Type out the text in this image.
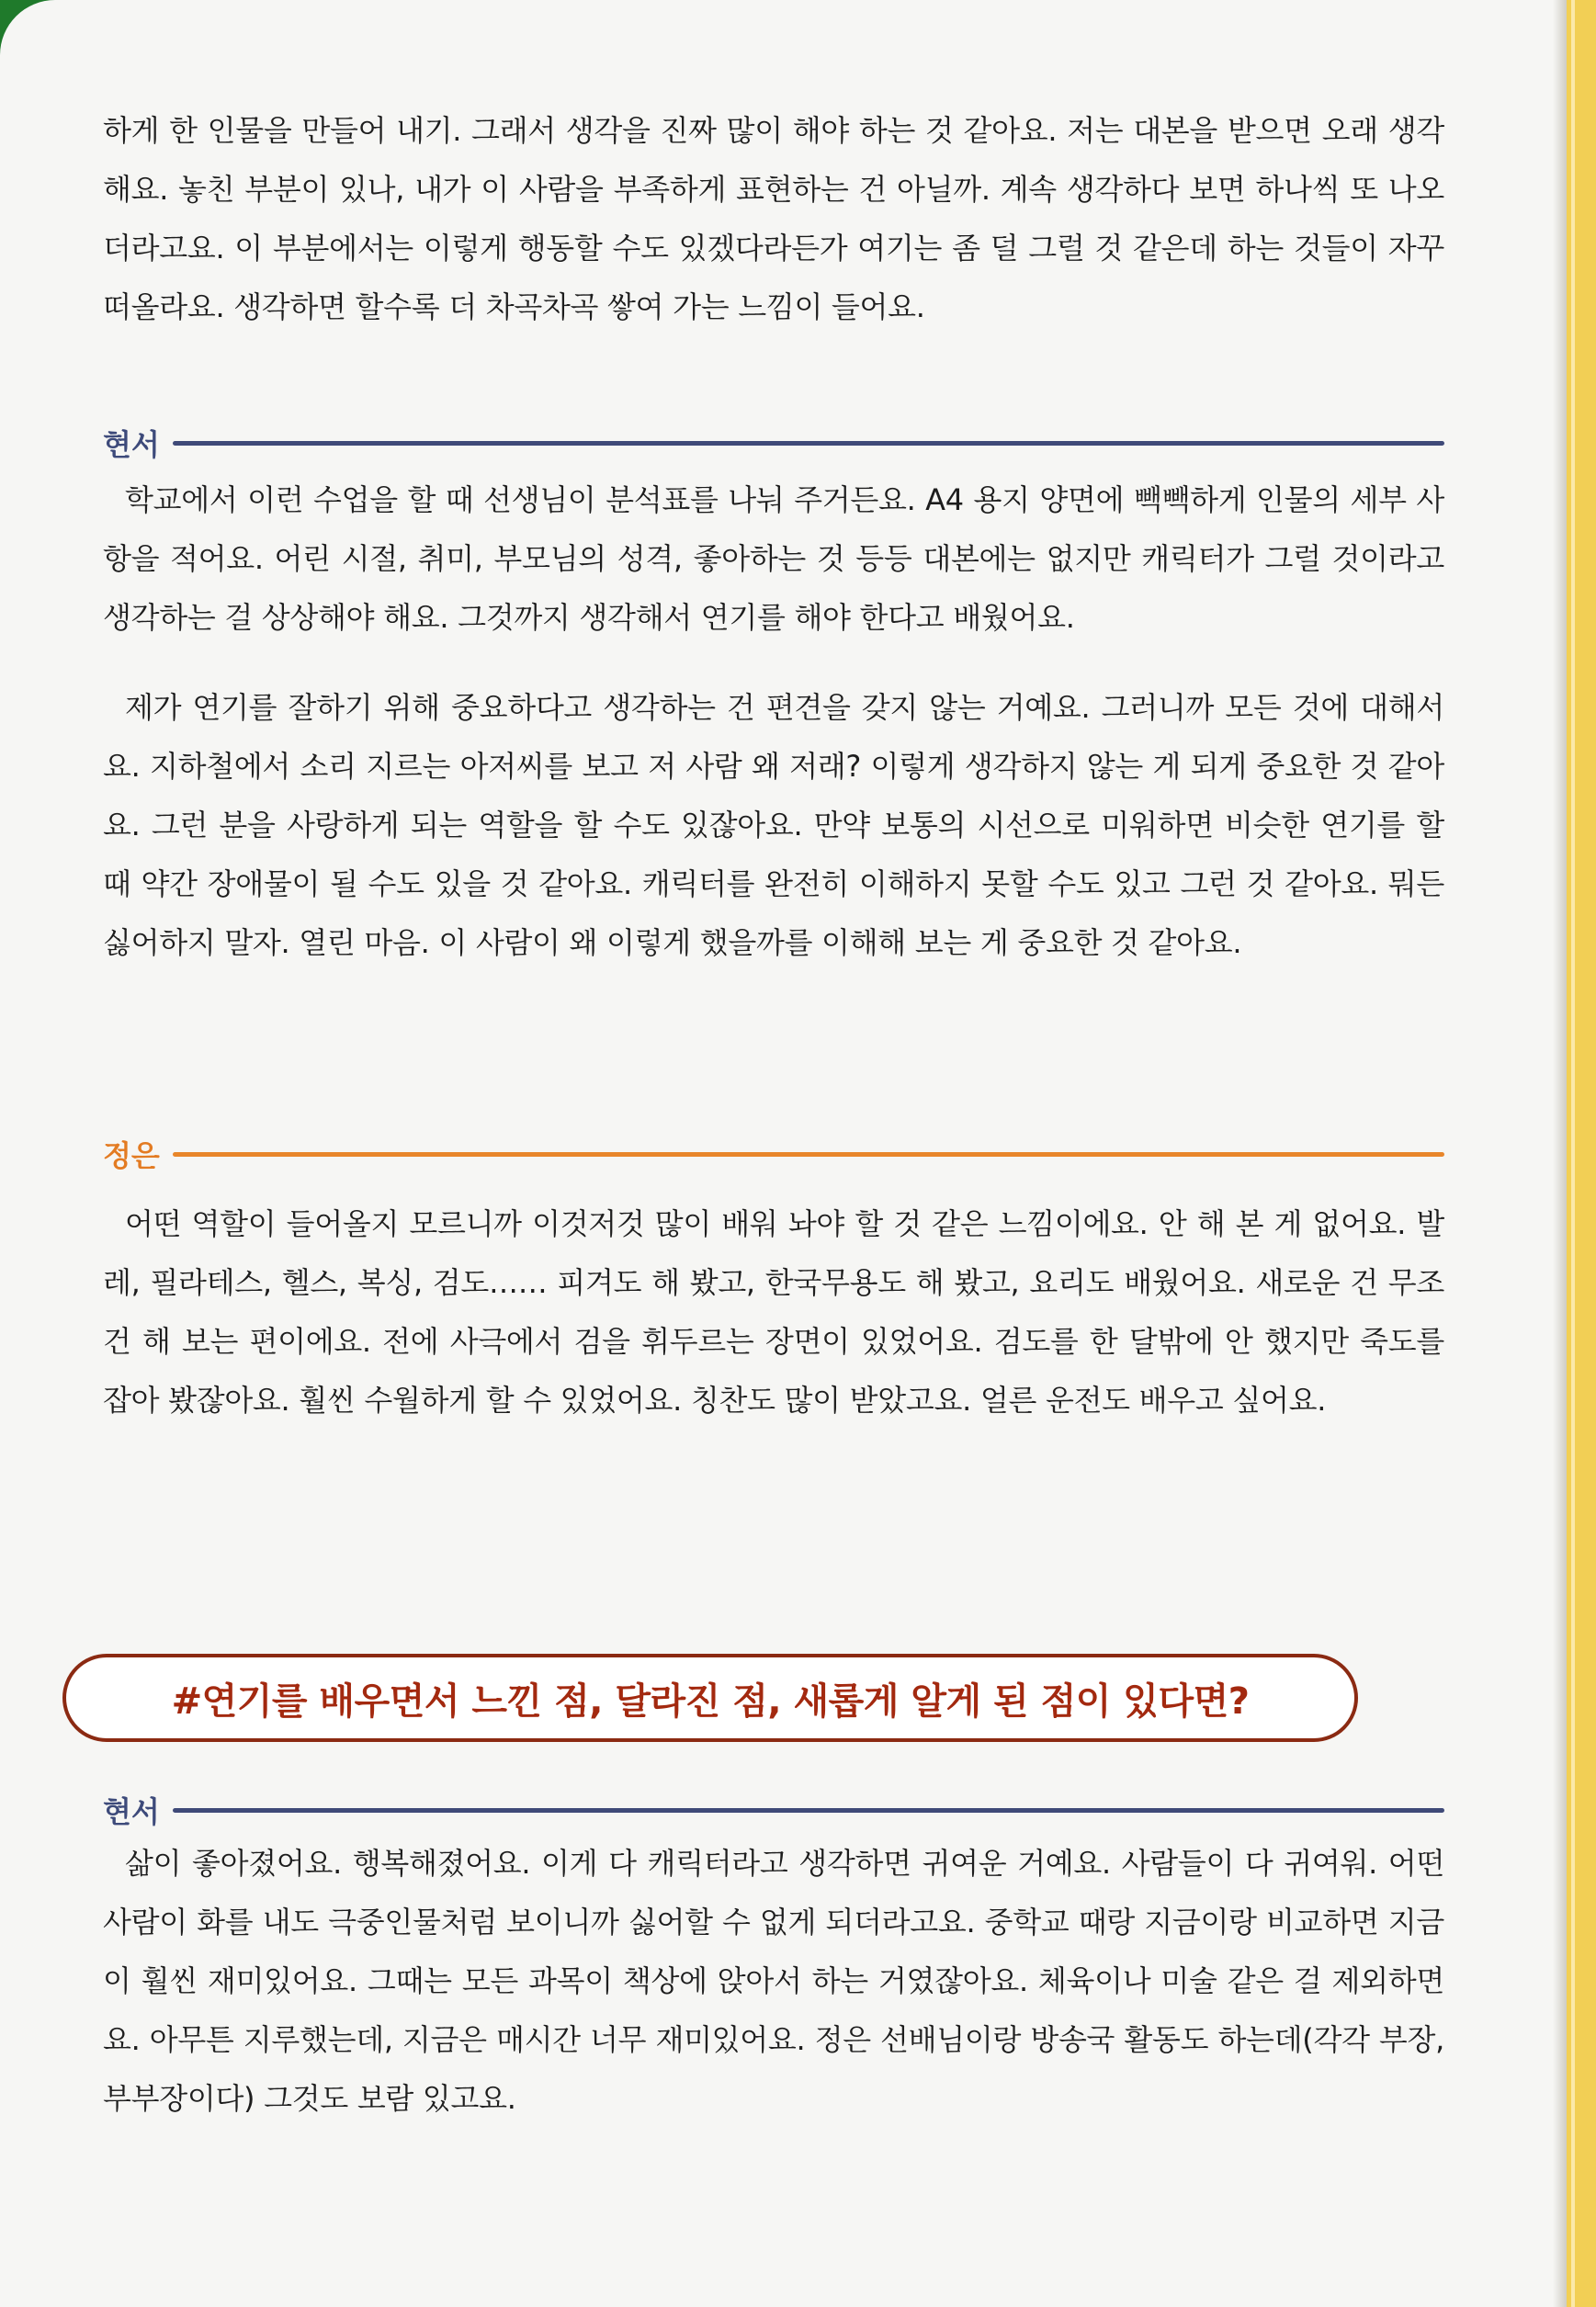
하게 한 인물을 만들어 내기. 그래서 생각을 진짜 많이 해야 하는 것 같아요. 저는 대본을 받으면 오래 생각해요. 놓친 부분이 있나, 내가 이 사람을 부족하게 표현하는 건 아닐까. 계속 생각하다 보면 하나씩 또 나오더라고요. 이 부분에서는 이렇게 행동할 수도 있겠다라든가 여기는 좀 덜 그럴 것 같은데 하는 것들이 자꾸 떠올라요. 생각하면 할수록 더 차곡차곡 쌓여 가는 느낌이 들어요.

현서

학교에서 이런 수업을 할 때 선생님이 분석표를 나눠 주거든요. A4 용지 양면에 빽빽하게 인물의 세부 사항을 적어요. 어린 시절, 취미, 부모님의 성격, 좋아하는 것 등등 대본에는 없지만 캐릭터가 그럴 것이라고 생각하는 걸 상상해야 해요. 그것까지 생각해서 연기를 해야 한다고 배웠어요.

제가 연기를 잘하기 위해 중요하다고 생각하는 건 편견을 갖지 않는 거예요. 그러니까 모든 것에 대해서요. 지하철에서 소리 지르는 아저씨를 보고 저 사람 왜 저래? 이렇게 생각하지 않는 게 되게 중요한 것 같아요. 그런 분을 사랑하게 되는 역할을 할 수도 있잖아요. 만약 보통의 시선으로 미워하면 비슷한 연기를 할 때 약간 장애물이 될 수도 있을 것 같아요. 캐릭터를 완전히 이해하지 못할 수도 있고 그런 것 같아요. 뭐든 싫어하지 말자. 열린 마음. 이 사람이 왜 이렇게 했을까를 이해해 보는 게 중요한 것 같아요.

정은

어떤 역할이 들어올지 모르니까 이것저것 많이 배워 놔야 할 것 같은 느낌이에요. 안 해 본 게 없어요. 발레, 필라테스, 헬스, 복싱, 검도…… 피겨도 해 봤고, 한국무용도 해 봤고, 요리도 배웠어요. 새로운 건 무조건 해 보는 편이에요. 전에 사극에서 검을 휘두르는 장면이 있었어요. 검도를 한 달밖에 안 했지만 죽도를 잡아 봤잖아요. 훨씬 수월하게 할 수 있었어요. 칭찬도 많이 받았고요. 얼른 운전도 배우고 싶어요.

#연기를 배우면서 느낀 점, 달라진 점, 새롭게 알게 된 점이 있다면?
현서

삶이 좋아졌어요. 행복해졌어요. 이게 다 캐릭터라고 생각하면 귀여운 거예요. 사람들이 다 귀여워. 어떤 사람이 화를 내도 극중인물처럼 보이니까 싫어할 수 없게 되더라고요. 중학교 때랑 지금이랑 비교하면 지금이 훨씬 재미있어요. 그때는 모든 과목이 책상에 앉아서 하는 거였잖아요. 체육이나 미술 같은 걸 제외하면요. 아무튼 지루했는데, 지금은 매시간 너무 재미있어요. 정은 선배님이랑 방송국 활동도 하는데(각각 부장, 부부장이다) 그것도 보람 있고요.
